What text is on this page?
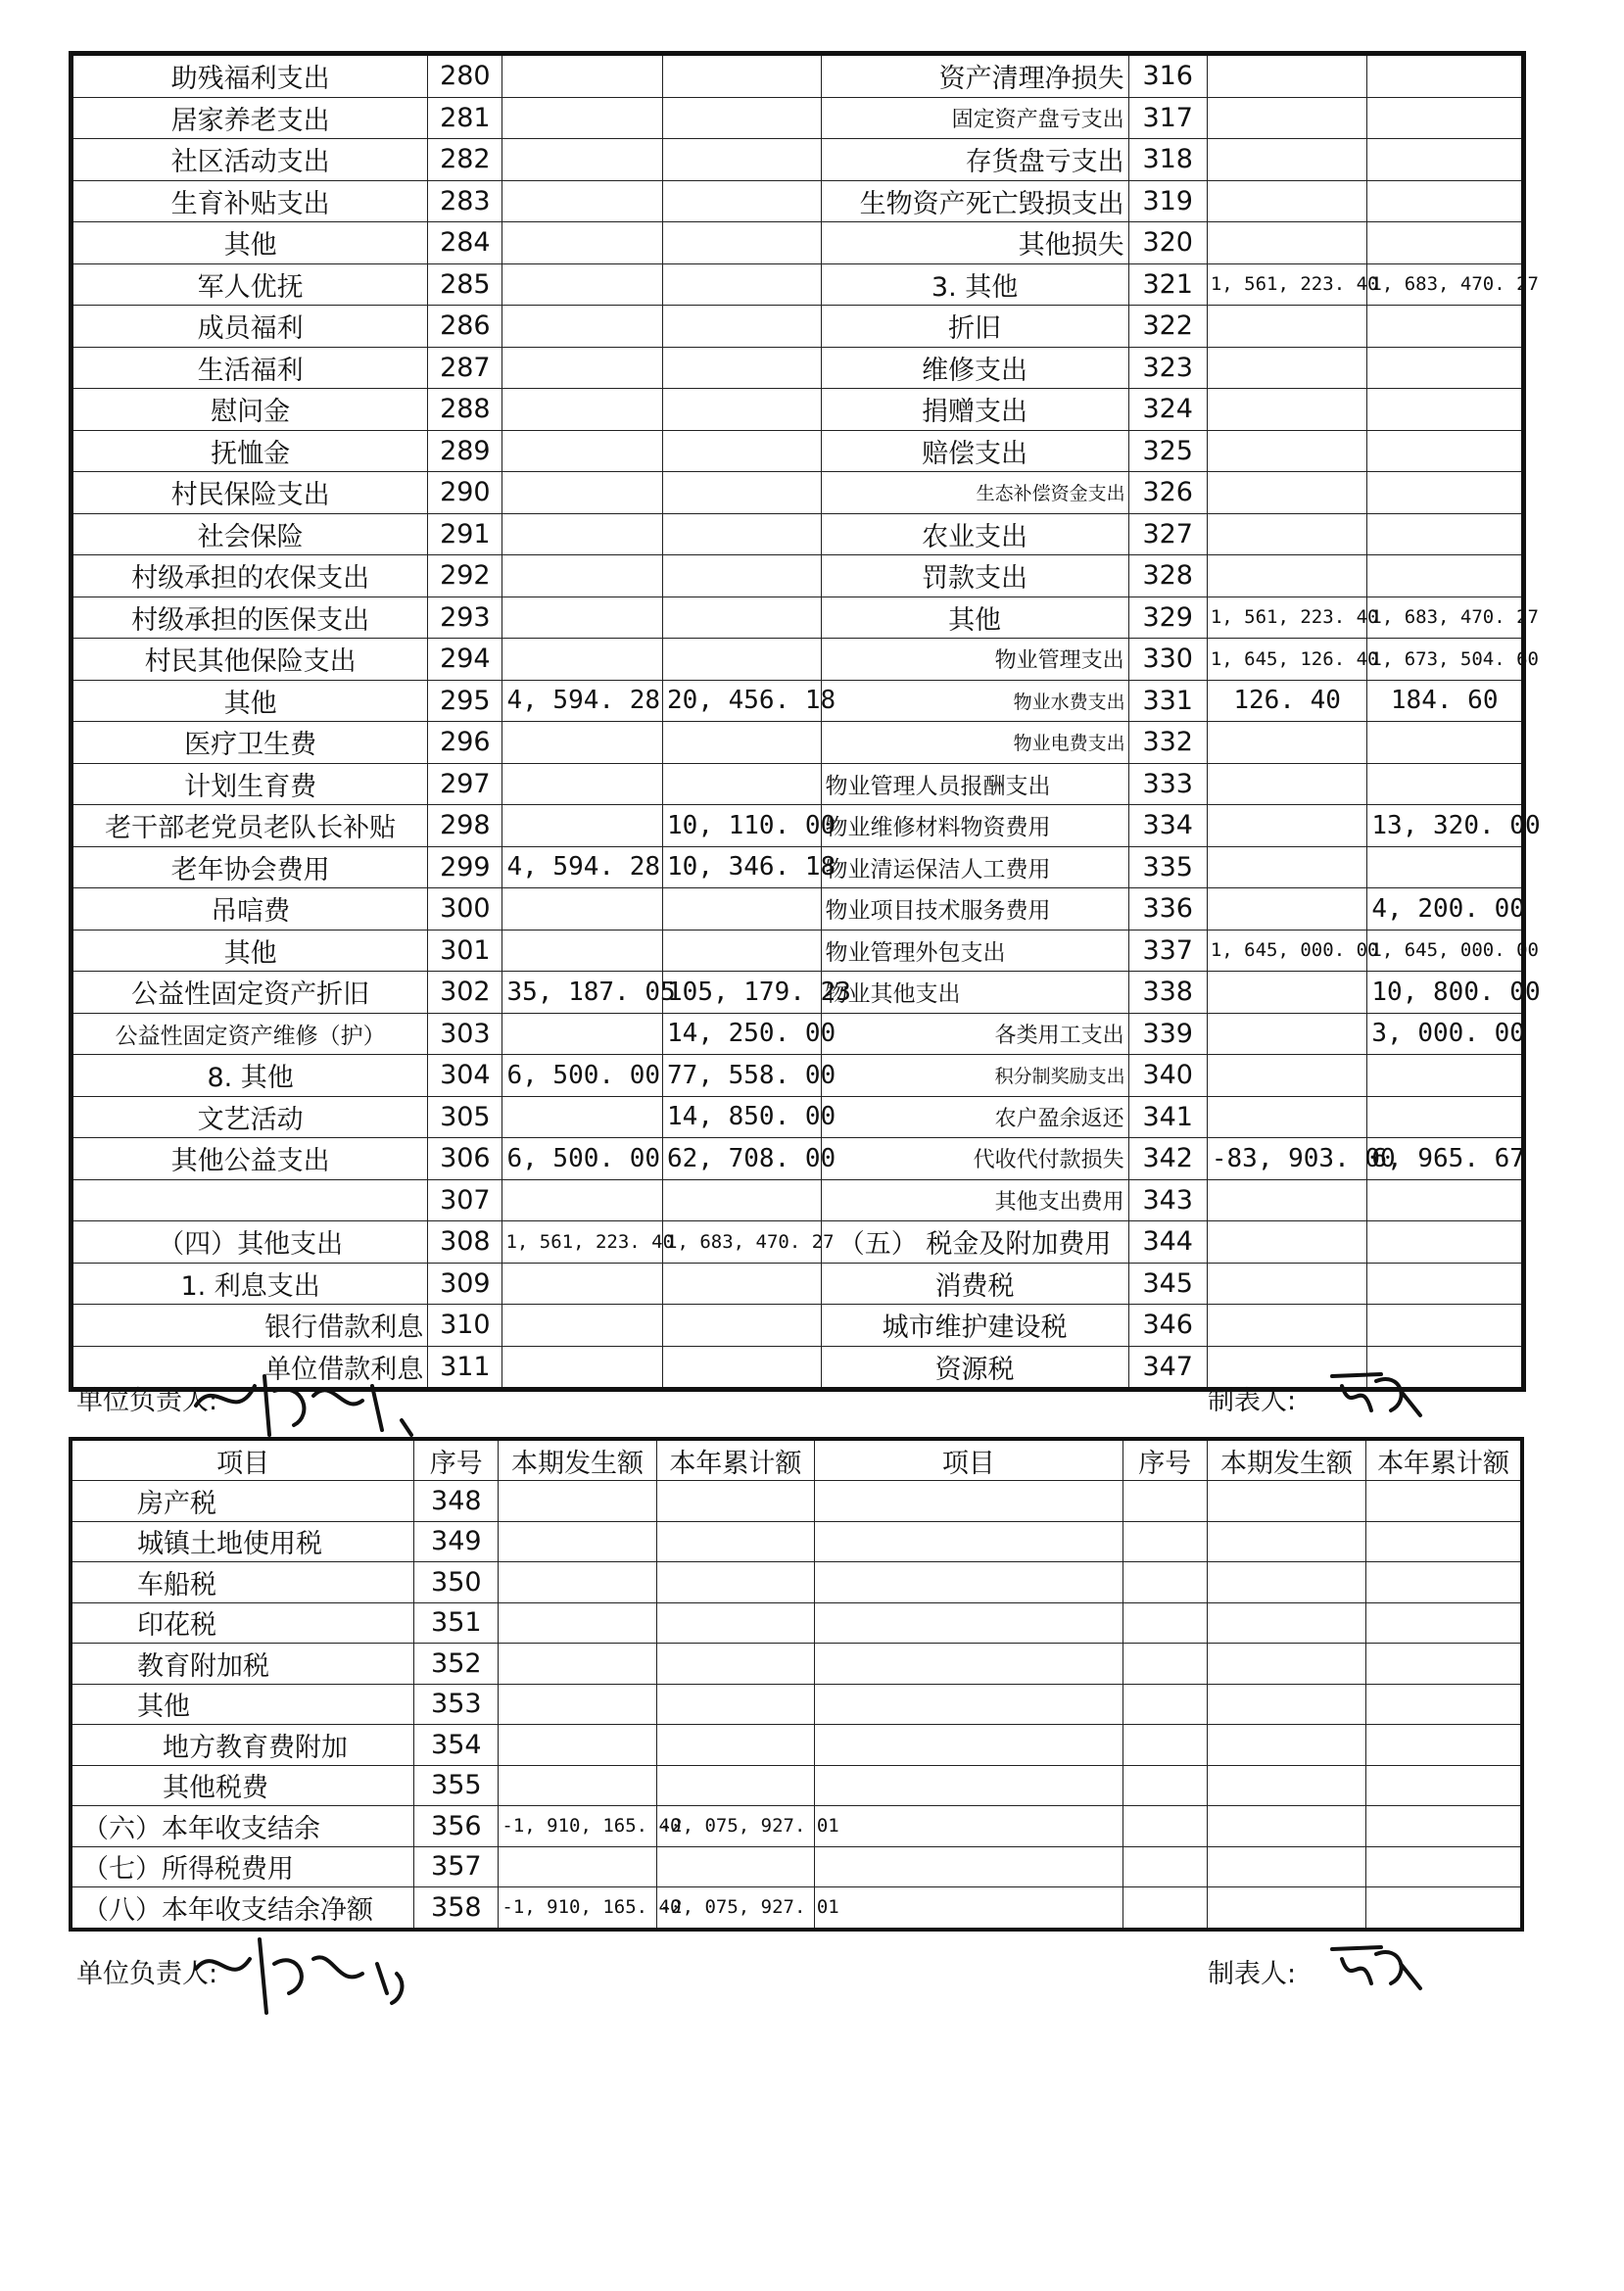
助残福利支出	280			资产清理净损失	316		
居家养老支出	281			固定资产盘亏支出	317		
社区活动支出	282			存货盘亏支出	318		
生育补贴支出	283			生物资产死亡毁损支出	319		
其他	284			其他损失	320		
军人优抚	285			3. 其他	321	1, 561, 223. 40	1, 683, 470. 27
成员福利	286			折旧	322		
生活福利	287			维修支出	323		
慰问金	288			捐赠支出	324		
抚恤金	289			赔偿支出	325		
村民保险支出	290			生态补偿资金支出	326		
社会保险	291			农业支出	327		
村级承担的农保支出	292			罚款支出	328		
村级承担的医保支出	293			其他	329	1, 561, 223. 40	1, 683, 470. 27
村民其他保险支出	294			物业管理支出	330	1, 645, 126. 40	1, 673, 504. 60
其他	295	4, 594. 28	20, 456. 18	物业水费支出	331	126. 40	184. 60
医疗卫生费	296			物业电费支出	332		
计划生育费	297			物业管理人员报酬支出	333		
老干部老党员老队长补贴	298		10, 110. 00	物业维修材料物资费用	334		13, 320. 00
老年协会费用	299	4, 594. 28	10, 346. 18	物业清运保洁人工费用	335		
吊唁费	300			物业项目技术服务费用	336		4, 200. 00
其他	301			物业管理外包支出	337	1, 645, 000. 00	1, 645, 000. 00
公益性固定资产折旧	302	35, 187. 05	105, 179. 23	物业其他支出	338		10, 800. 00
公益性固定资产维修（护）	303		14, 250. 00	各类用工支出	339		3, 000. 00
8. 其他	304	6, 500. 00	77, 558. 00	积分制奖励支出	340		
文艺活动	305		14, 850. 00	农户盈余返还	341		
其他公益支出	306	6, 500. 00	62, 708. 00	代收代付款损失	342	-83, 903. 00	6, 965. 67
	307			其他支出费用	343		
（四）其他支出	308	1, 561, 223. 40	1, 683, 470. 27	（五） 税金及附加费用	344		
1. 利息支出	309			消费税	345		
银行借款利息	310			城市维护建设税	346		
单位借款利息	311			资源税	347		
单位负责人:	制表人:
项目	序号	本期发生额	本年累计额	项目	序号	本期发生额	本年累计额
房产税	348						
城镇土地使用税	349						
车船税	350						
印花税	351						
教育附加税	352						
其他	353						
地方教育费附加	354						
其他税费	355						
（六）本年收支结余	356	-1, 910, 165. 40	-2, 075, 927. 01				
（七）所得税费用	357						
（八）本年收支结余净额	358	-1, 910, 165. 40	-2, 075, 927. 01				
单位负责人:	制表人:
